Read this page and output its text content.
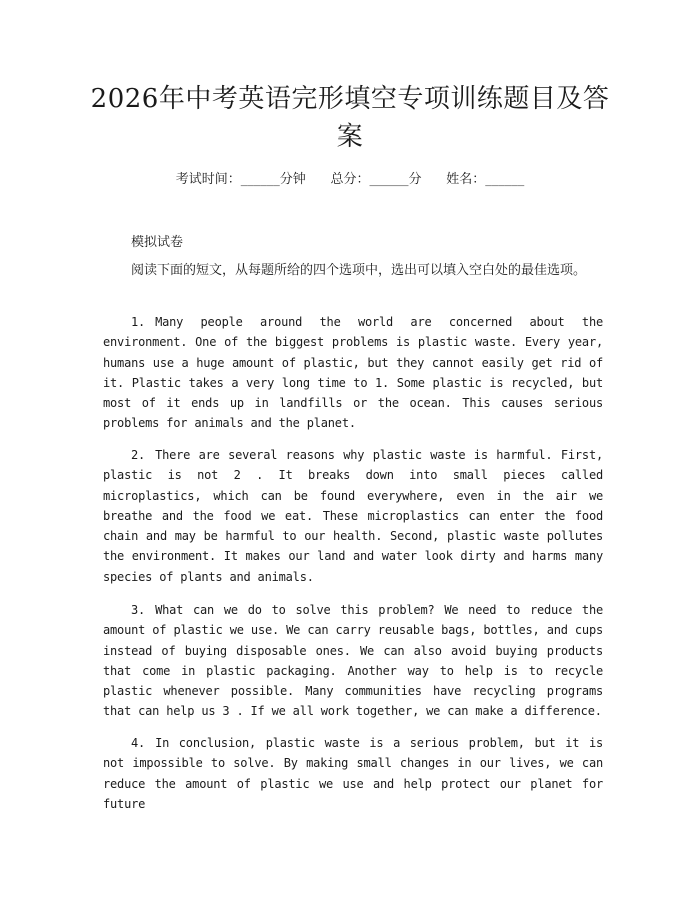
2026年中考英语完形填空专项训练题目及答案
考试时间：______分钟      总分：______分      姓名：______
模拟试卷

阅读下面的短文，从每题所给的四个选项中，选出可以填入空白处的最佳选项。

1. Many people around the world are concerned about the environment. One of the biggest problems is plastic waste. Every year, humans use a huge amount of plastic, but they cannot easily get rid of it. Plastic takes a very long time to 1. Some plastic is recycled, but most of it ends up in landfills or the ocean. This causes serious problems for animals and the planet.

2. There are several reasons why plastic waste is harmful. First, plastic is not 2 . It breaks down into small pieces called microplastics, which can be found everywhere, even in the air we breathe and the food we eat. These microplastics can enter the food chain and may be harmful to our health. Second, plastic waste pollutes the environment. It makes our land and water look dirty and harms many species of plants and animals.

3. What can we do to solve this problem? We need to reduce the amount of plastic we use. We can carry reusable bags, bottles, and cups instead of buying disposable ones. We can also avoid buying products that come in plastic packaging. Another way to help is to recycle plastic whenever possible. Many communities have recycling programs that can help us 3 . If we all work together, we can make a difference.

4. In conclusion, plastic waste is a serious problem, but it is not impossible to solve. By making small changes in our lives, we can reduce the amount of plastic we use and help protect our planet for future
